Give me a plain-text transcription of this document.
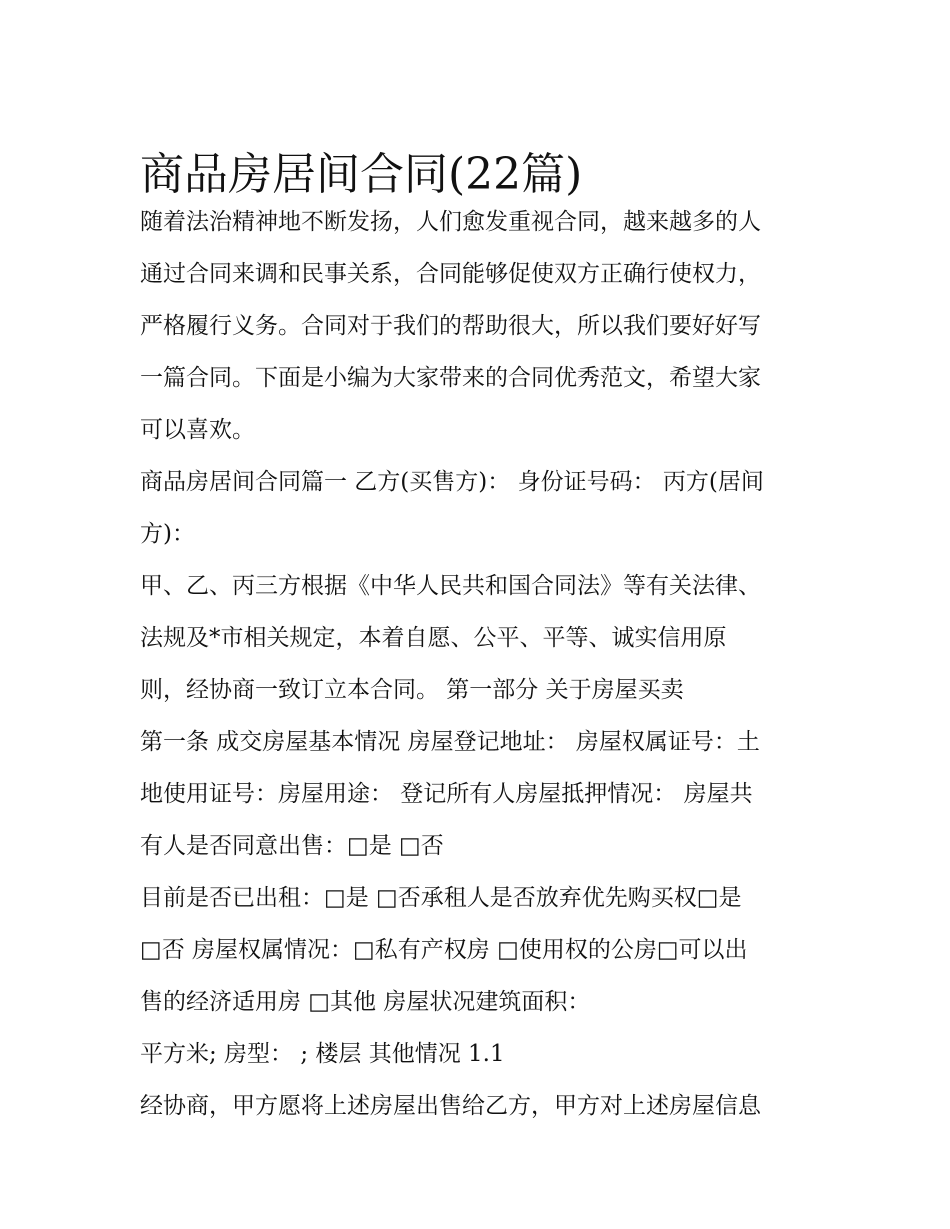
商品房居间合同(22篇)
随着法治精神地不断发扬，人们愈发重视合同，越来越多的人
通过合同来调和民事关系，合同能够促使双方正确行使权力，
严格履行义务。合同对于我们的帮助很大，所以我们要好好写
一篇合同。下面是小编为大家带来的合同优秀范文，希望大家
可以喜欢。
商品房居间合同篇一 乙方(买售方)： 身份证号码： 丙方(居间
方)：
甲、乙、丙三方根据《中华人民共和国合同法》等有关法律、
法规及*市相关规定，本着自愿、公平、平等、诚实信用原
则，经协商一致订立本合同。 第一部分 关于房屋买卖
第一条 成交房屋基本情况 房屋登记地址： 房屋权属证号：土
地使用证号：房屋用途： 登记所有人房屋抵押情况： 房屋共
有人是否同意出售：□是 □否
目前是否已出租：□是 □否承租人是否放弃优先购买权□是
□否 房屋权属情况：□私有产权房 □使用权的公房□可以出
售的经济适用房 □其他 房屋状况建筑面积：
平方米; 房型： ; 楼层 其他情况 1.1
经协商，甲方愿将上述房屋出售给乙方，甲方对上述房屋信息
